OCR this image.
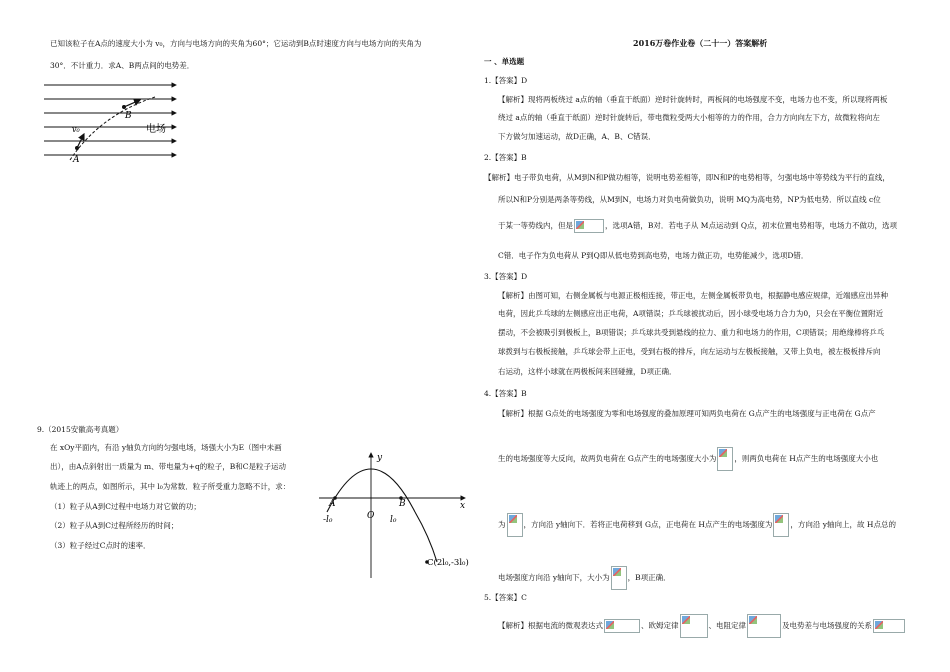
已知该粒子在A点的速度大小为 v₀，方向与电场方向的夹角为60°；它运动到B点时速度方向与电场方向的夹角为
30°．不计重力．求A、B两点间的电势差．
B
v₀	电场
A
9.（2015安徽高考真题）
在 xOy平面内，有沿 y轴负方向的匀强电场，场强大小为E（图中未画
出），由A点斜射出一质量为 m、带电量为+q的粒子，B和C是粒子运动
轨迹上的两点，如图所示，其中 l₀为常数．粒子所受重力忽略不计，求：
（1）粒子从A到C过程中电场力对它做的功；
（2）粒子从A到C过程所经历的时间；
（3）粒子经过C点时的速率．
y
x
A	B
O
-l₀	l₀
C(2l₀,-3l₀)
2016万卷作业卷（二十一）答案解析
一 、单选题
1.【答案】D
【解析】现将两板绕过 a点的轴（垂直于纸面）逆时针旋转时，两板间的电场强度不变，电场力也不变，所以现将两板
绕过 a点的轴（垂直于纸面）逆时针旋转后，带电微粒受两大小相等的力的作用，合力方向向左下方，故微粒将向左
下方做匀加速运动，故D正确，A、B、C错误．
2.【答案】B
【解析】电子带负电荷，从M到N和P做功相等，说明电势差相等，即N和P的电势相等，匀强电场中等势线为平行的直线，
所以N和P分别是两条等势线，从M到N，电场力对负电荷做负功，说明 MQ为高电势，NP为低电势．所以直线 c位
于某一等势线内，但是	，选项A错，B对．若电子从 M点运动到 Q点，初末位置电势相等，电场力不做功，选项
C错．电子作为负电荷从 P到Q即从低电势到高电势，电场力做正功，电势能减少，选项D错．
3.【答案】D
【解析】由图可知，右侧金属板与电源正极相连接，带正电，左侧金属板带负电，根据静电感应规律，近端感应出异种
电荷，因此乒乓球的左侧感应出正电荷，A项错误；乒乓球被扰动后，因小球受电场力合力为0，只会在平衡位置附近
摆动，不会被吸引到极板上，B项错误；乒乓球共受到悬线的拉力、重力和电场力的作用，C项错误；用绝缘棒将乒乓
球拨到与右极板接触，乒乓球会带上正电，受到右极的排斥，向左运动与左极板接触，又带上负电，被左极板排斥向
右运动，这样小球就在两极板间来回碰撞，D项正确．
4.【答案】B
【解析】根据 G点处的电场强度为零和电场强度的叠加原理可知两负电荷在 G点产生的电场强度与正电荷在 G点产
生的电场强度等大反向，故两负电荷在 G点产生的电场强度大小为 ，则两负电荷在 H点产生的电场强度大小也
为 ，方向沿 y轴向下．若将正电荷移到 G点，正电荷在 H点产生的电场强度为 ，方向沿 y轴向上，故 H点总的
电场强度方向沿 y轴向下，大小为 ，B项正确．
5.【答案】C
【解析】根据电流的微观表达式	、欧姆定律	、电阻定律	及电势差与电场强度的关系
